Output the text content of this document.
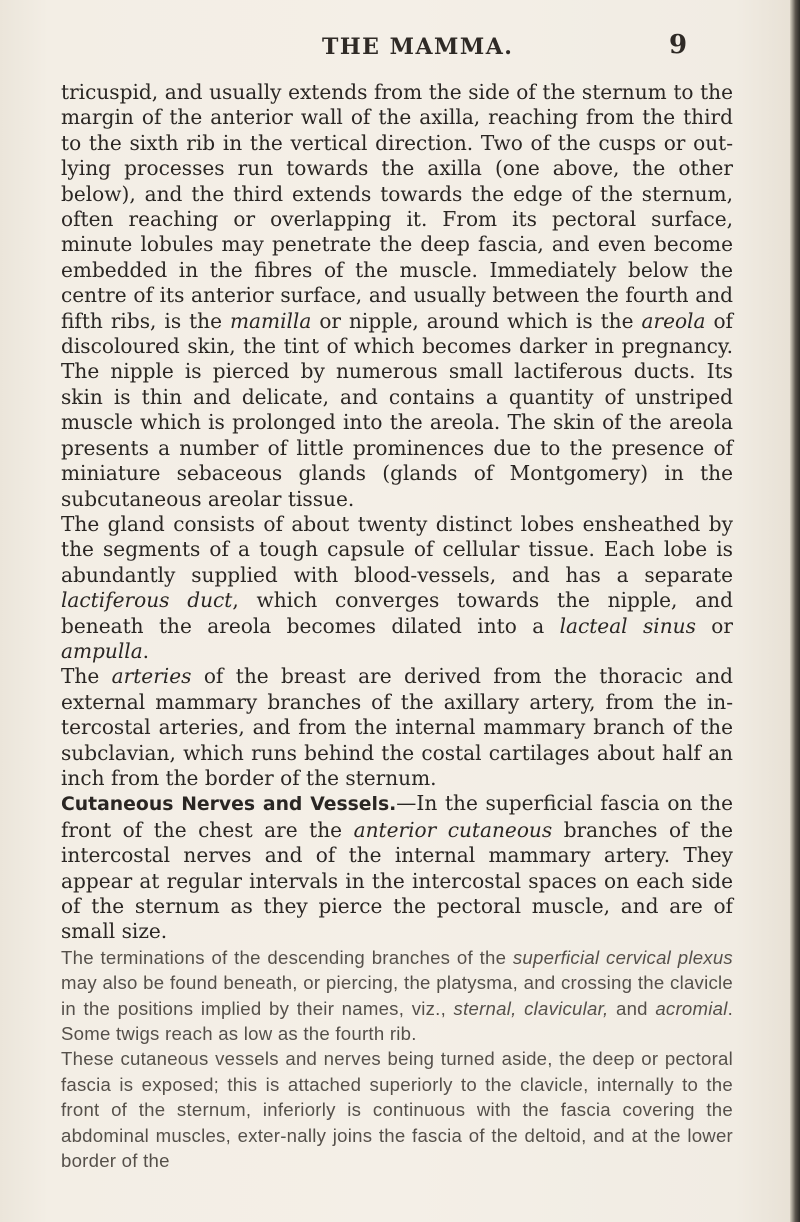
THE MAMMA.	9

tricuspid, and usually extends from the side of the sternum to the margin of the anterior wall of the axilla, reaching from the third to the sixth rib in the vertical direction. Two of the cusps or out-lying processes run towards the axilla (one above, the other below), and the third extends towards the edge of the sternum, often reaching or overlapping it. From its pectoral surface, minute lobules may penetrate the deep fascia, and even become embedded in the fibres of the muscle. Immediately below the centre of its anterior surface, and usually between the fourth and fifth ribs, is the mamilla or nipple, around which is the areola of discoloured skin, the tint of which becomes darker in pregnancy. The nipple is pierced by numerous small lactiferous ducts. Its skin is thin and delicate, and contains a quantity of unstriped muscle which is prolonged into the areola. The skin of the areola presents a number of little prominences due to the presence of miniature sebaceous glands (glands of Montgomery) in the subcutaneous areolar tissue.

The gland consists of about twenty distinct lobes ensheathed by the segments of a tough capsule of cellular tissue. Each lobe is abundantly supplied with blood-vessels, and has a separate lactiferous duct, which converges towards the nipple, and beneath the areola becomes dilated into a lacteal sinus or ampulla.

The arteries of the breast are derived from the thoracic and external mammary branches of the axillary artery, from the in-tercostal arteries, and from the internal mammary branch of the subclavian, which runs behind the costal cartilages about half an inch from the border of the sternum.

Cutaneous Nerves and Vessels.—In the superficial fascia on the front of the chest are the anterior cutaneous branches of the intercostal nerves and of the internal mammary artery. They appear at regular intervals in the intercostal spaces on each side of the sternum as they pierce the pectoral muscle, and are of small size.

The terminations of the descending branches of the superficial cervical plexus may also be found beneath, or piercing, the platysma, and crossing the clavicle in the positions implied by their names, viz., sternal, clavicular, and acromial. Some twigs reach as low as the fourth rib.

These cutaneous vessels and nerves being turned aside, the deep or pectoral fascia is exposed; this is attached superiorly to the clavicle, internally to the front of the sternum, inferiorly is continuous with the fascia covering the abdominal muscles, exter-nally joins the fascia of the deltoid, and at the lower border of the
